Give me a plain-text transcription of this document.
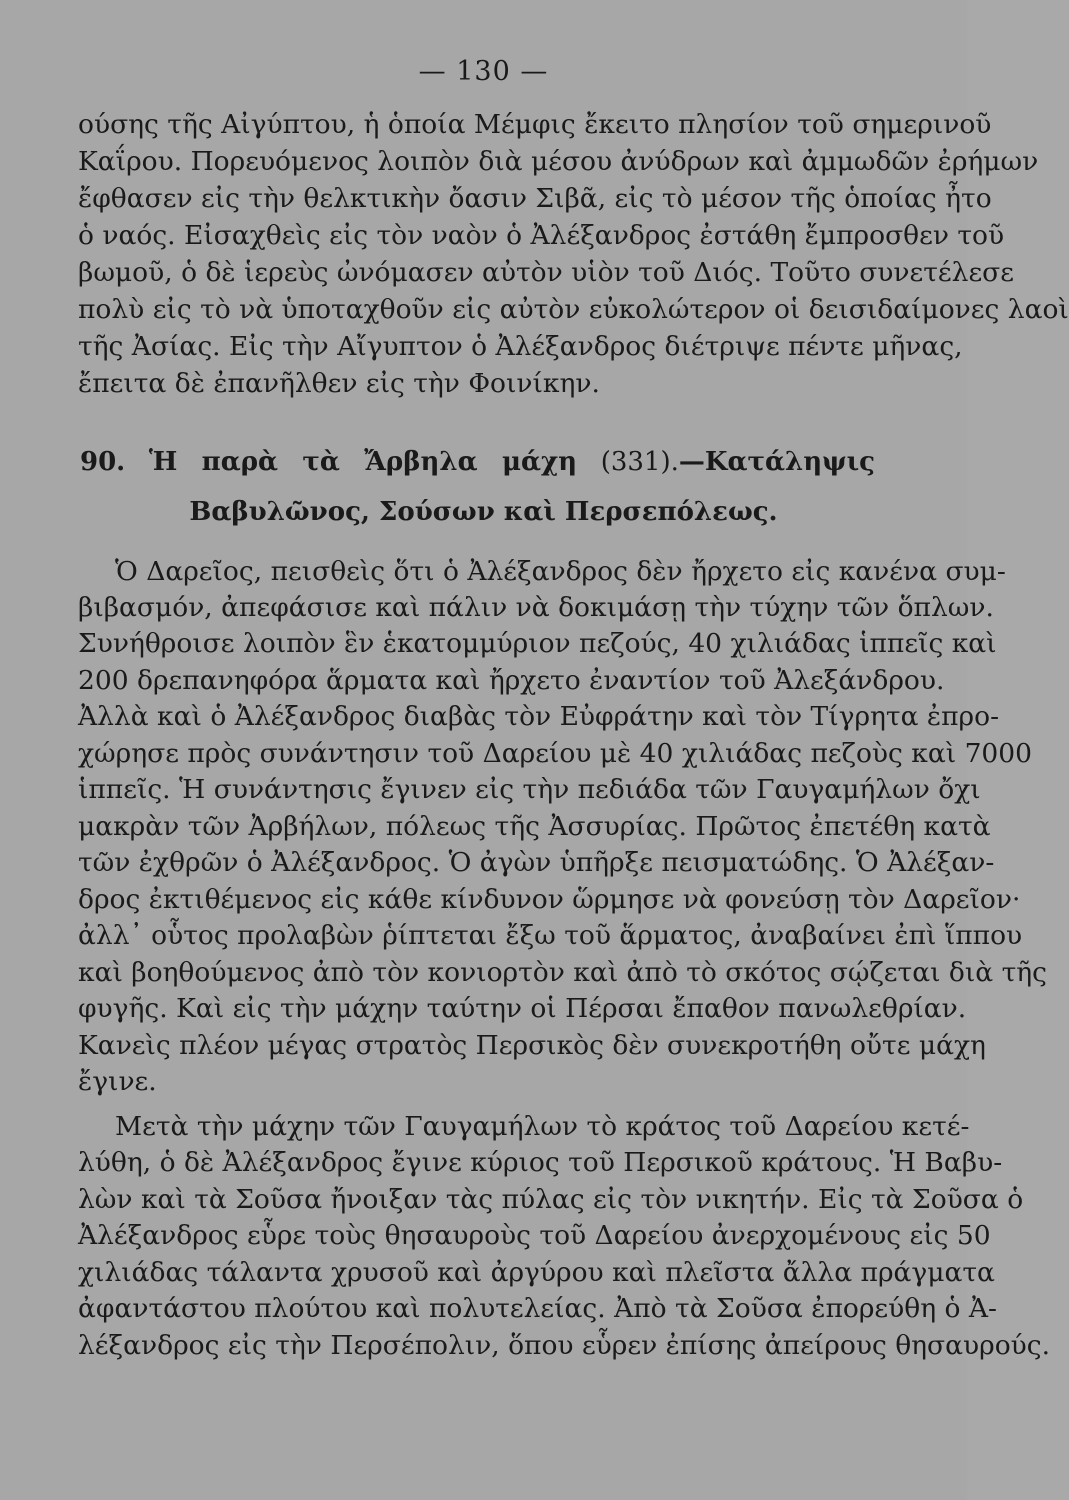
— 130 —
ούσης τῆς Αἰγύπτου, ἡ ὁποία Μέμφις ἔκειτο πλησίον τοῦ σημερινοῦ
Καΐρου. Πορευόμενος λοιπὸν διὰ μέσου ἀνύδρων καὶ ἀμμωδῶν ἐρήμων
ἔφθασεν εἰς τὴν θελκτικὴν ὄασιν Σιβᾶ, εἰς τὸ μέσον τῆς ὁποίας ἦτο
ὁ ναός. Εἰσαχθεὶς εἰς τὸν ναὸν ὁ Ἀλέξανδρος ἐστάθη ἔμπροσθεν τοῦ
βωμοῦ, ὁ δὲ ἱερεὺς ὠνόμασεν αὐτὸν υἱὸν τοῦ Διός. Τοῦτο συνετέλεσε
πολὺ εἰς τὸ νὰ ὑποταχθοῦν εἰς αὐτὸν εὐκολώτερον οἱ δεισιδαίμονες λαοὶ
τῆς Ἀσίας. Εἰς τὴν Αἴγυπτον ὁ Ἀλέξανδρος διέτριψε πέντε μῆνας,
ἔπειτα δὲ ἐπανῆλθεν εἰς τὴν Φοινίκην.
90. Ἡ παρὰ τὰ Ἄρβηλα μάχη (331).—Κατάληψις
Βαβυλῶνος, Σούσων καὶ Περσεπόλεως.
Ὁ Δαρεῖος, πεισθεὶς ὅτι ὁ Ἀλέξανδρος δὲν ἤρχετο εἰς κανένα συμ-
βιβασμόν, ἀπεφάσισε καὶ πάλιν νὰ δοκιμάσῃ τὴν τύχην τῶν ὅπλων.
Συνήθροισε λοιπὸν ἓν ἑκατομμύριον πεζούς, 40 χιλιάδας ἱππεῖς καὶ
200 δρεπανηφόρα ἅρματα καὶ ἤρχετο ἐναντίον τοῦ Ἀλεξάνδρου.
Ἀλλὰ καὶ ὁ Ἀλέξανδρος διαβὰς τὸν Εὐφράτην καὶ τὸν Τίγρητα ἐπρο-
χώρησε πρὸς συνάντησιν τοῦ Δαρείου μὲ 40 χιλιάδας πεζοὺς καὶ 7000
ἱππεῖς. Ἡ συνάντησις ἔγινεν εἰς τὴν πεδιάδα τῶν Γαυγαμήλων ὄχι
μακρὰν τῶν Ἀρβήλων, πόλεως τῆς Ἀσσυρίας. Πρῶτος ἐπετέθη κατὰ
τῶν ἐχθρῶν ὁ Ἀλέξανδρος. Ὁ ἀγὼν ὑπῆρξε πεισματώδης. Ὁ Ἀλέξαν-
δρος ἐκτιθέμενος εἰς κάθε κίνδυνον ὥρμησε νὰ φονεύσῃ τὸν Δαρεῖον·
ἀλλ᾽ οὗτος προλαβὼν ῥίπτεται ἔξω τοῦ ἅρματος, ἀναβαίνει ἐπὶ ἵππου
καὶ βοηθούμενος ἀπὸ τὸν κονιορτὸν καὶ ἀπὸ τὸ σκότος σῴζεται διὰ τῆς
φυγῆς. Καὶ εἰς τὴν μάχην ταύτην οἱ Πέρσαι ἔπαθον πανωλεθρίαν.
Κανεὶς πλέον μέγας στρατὸς Περσικὸς δὲν συνεκροτήθη οὔτε μάχη
ἔγινε.
Μετὰ τὴν μάχην τῶν Γαυγαμήλων τὸ κράτος τοῦ Δαρείου κετέ-
λύθη, ὁ δὲ Ἀλέξανδρος ἔγινε κύριος τοῦ Περσικοῦ κράτους. Ἡ Βαβυ-
λὼν καὶ τὰ Σοῦσα ἤνοιξαν τὰς πύλας εἰς τὸν νικητήν. Εἰς τὰ Σοῦσα ὁ
Ἀλέξανδρος εὗρε τοὺς θησαυροὺς τοῦ Δαρείου ἀνερχομένους εἰς 50
χιλιάδας τάλαντα χρυσοῦ καὶ ἀργύρου καὶ πλεῖστα ἄλλα πράγματα
ἀφαντάστου πλούτου καὶ πολυτελείας. Ἀπὸ τὰ Σοῦσα ἐπορεύθη ὁ Ἀ-
λέξανδρος εἰς τὴν Περσέπολιν, ὅπου εὗρεν ἐπίσης ἀπείρους θησαυρούς.
